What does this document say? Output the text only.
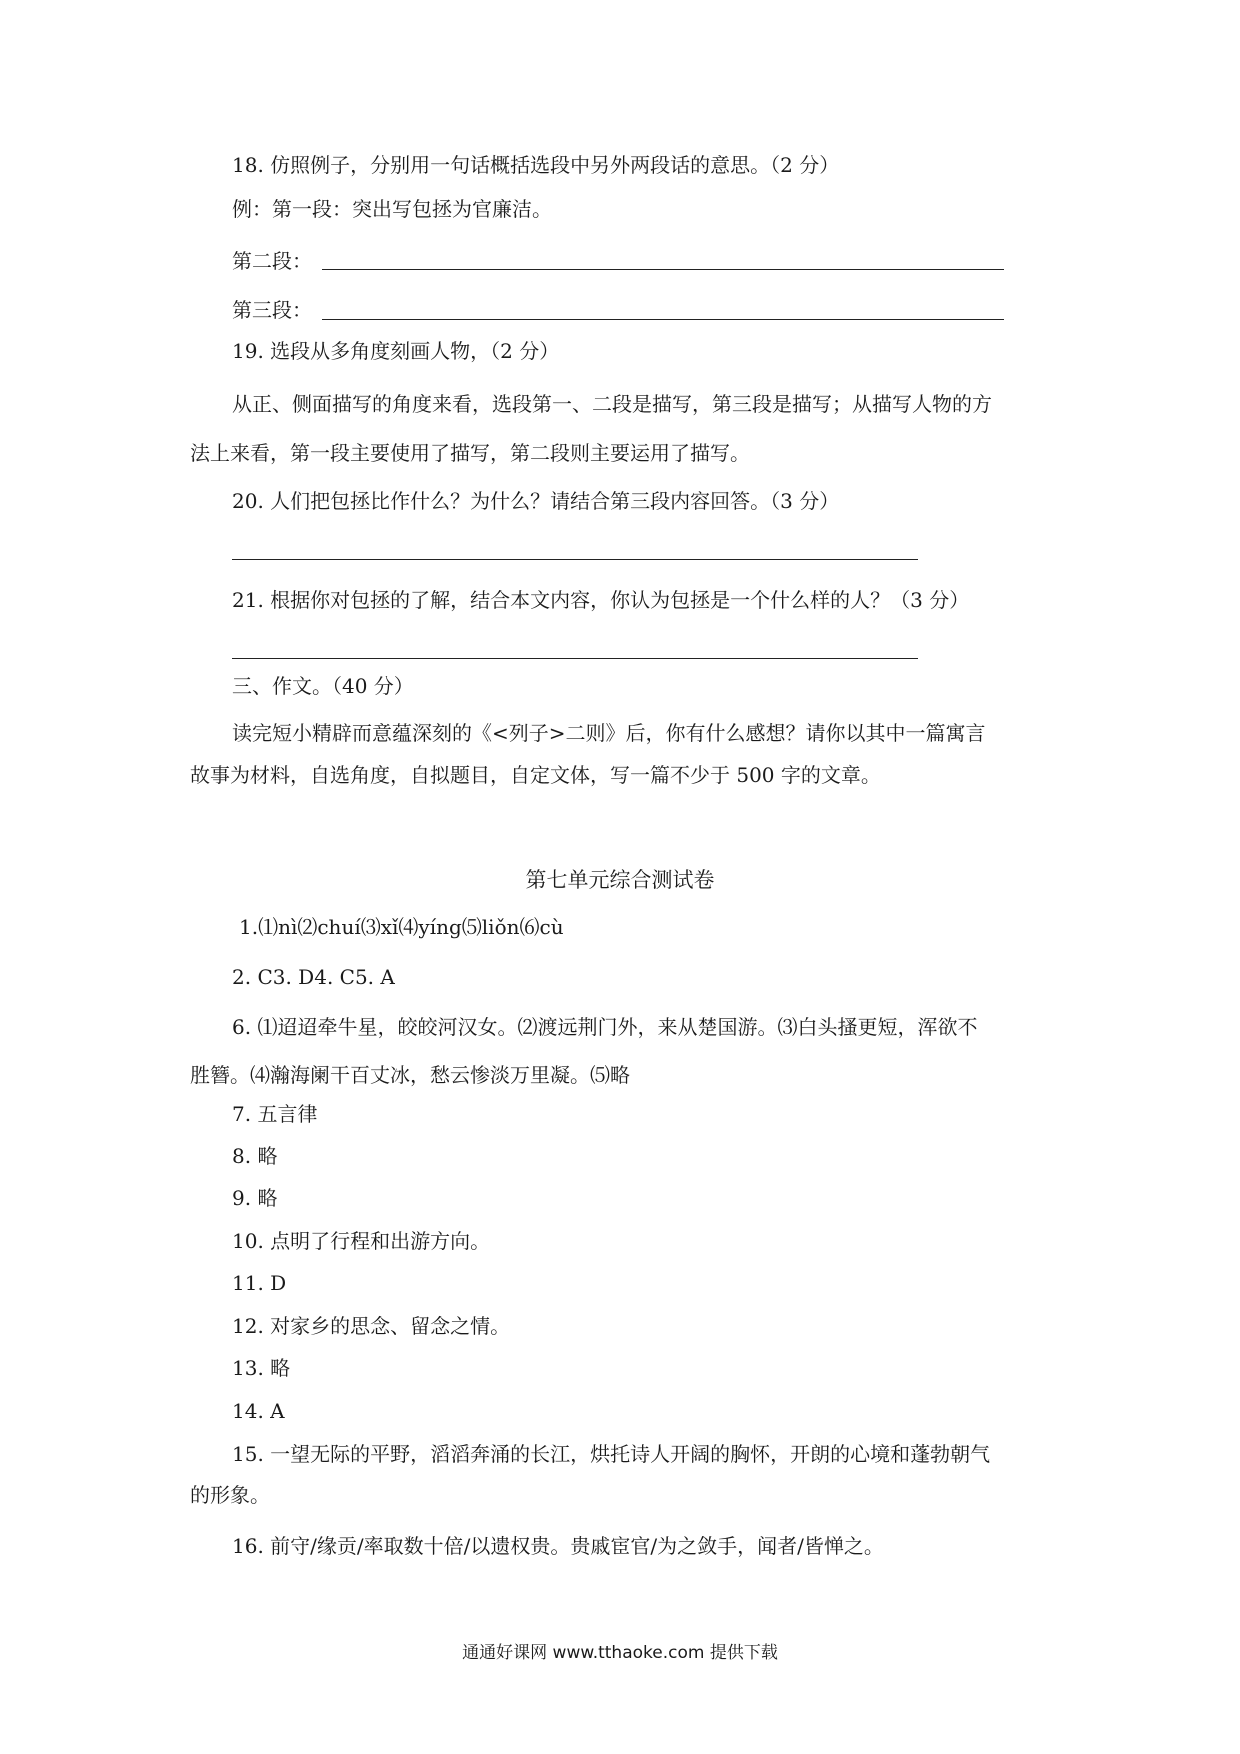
18. 仿照例子，分别用一句话概括选段中另外两段话的意思。（2 分）
例：第一段：突出写包拯为官廉洁。
第二段：
第三段：
19. 选段从多角度刻画人物，（2 分）
从正、侧面描写的角度来看，选段第一、二段是描写，第三段是描写；从描写人物的方
法上来看，第一段主要使用了描写，第二段则主要运用了描写。
20. 人们把包拯比作什么？为什么？请结合第三段内容回答。（3 分）
21. 根据你对包拯的了解，结合本文内容，你认为包拯是一个什么样的人？（3 分）
三、作文。（40 分）
读完短小精辟而意蕴深刻的《<列子>二则》后，你有什么感想？请你以其中一篇寓言
故事为材料，自选角度，自拟题目，自定文体，写一篇不少于 500 字的文章。
第七单元综合测试卷
1.⑴nì⑵chuí⑶xǐ⑷yíng⑸liǒn⑹cù
2. C3. D4. C5. A
6. ⑴迢迢牵牛星，皎皎河汉女。⑵渡远荆门外，来从楚国游。⑶白头搔更短，浑欲不
胜簪。⑷瀚海阑干百丈冰，愁云惨淡万里凝。⑸略
7. 五言律
8. 略
9. 略
10. 点明了行程和出游方向。
11. D
12. 对家乡的思念、留念之情。
13. 略
14. A
15. 一望无际的平野，滔滔奔涌的长江，烘托诗人开阔的胸怀，开朗的心境和蓬勃朝气
的形象。
16. 前守/缘贡/率取数十倍/以遗权贵。贵戚宦官/为之敛手，闻者/皆惮之。
通通好课网 www.tthaoke.com 提供下载
